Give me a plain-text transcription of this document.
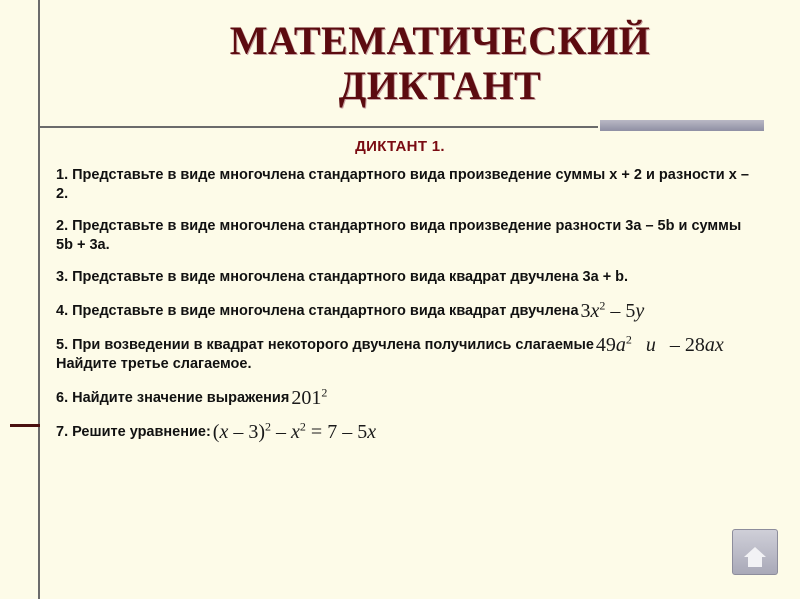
МАТЕМАТИЧЕСКИЙ
ДИКТАНТ
ДИКТАНТ 1.
1. Представьте в виде многочлена стандартного вида произведение суммы x + 2 и разности x – 2.
2. Представьте в виде многочлена стандартного вида произведение разности 3a – 5b и суммы  5b + 3a.
3. Представьте в виде многочлена стандартного вида квадрат двучлена 3a + b.
4. Представьте в виде многочлена стандартного вида квадрат двучлена $3x^2 - 5y$
5. При возведении в квадрат некоторого двучлена получились слагаемые $49a^2$ и – 28ax
Найдите третье слагаемое.
6. Найдите значение выражения $201^2$
7. Решите уравнение: $(x - 3)^2 - x^2 = 7 - 5x$
